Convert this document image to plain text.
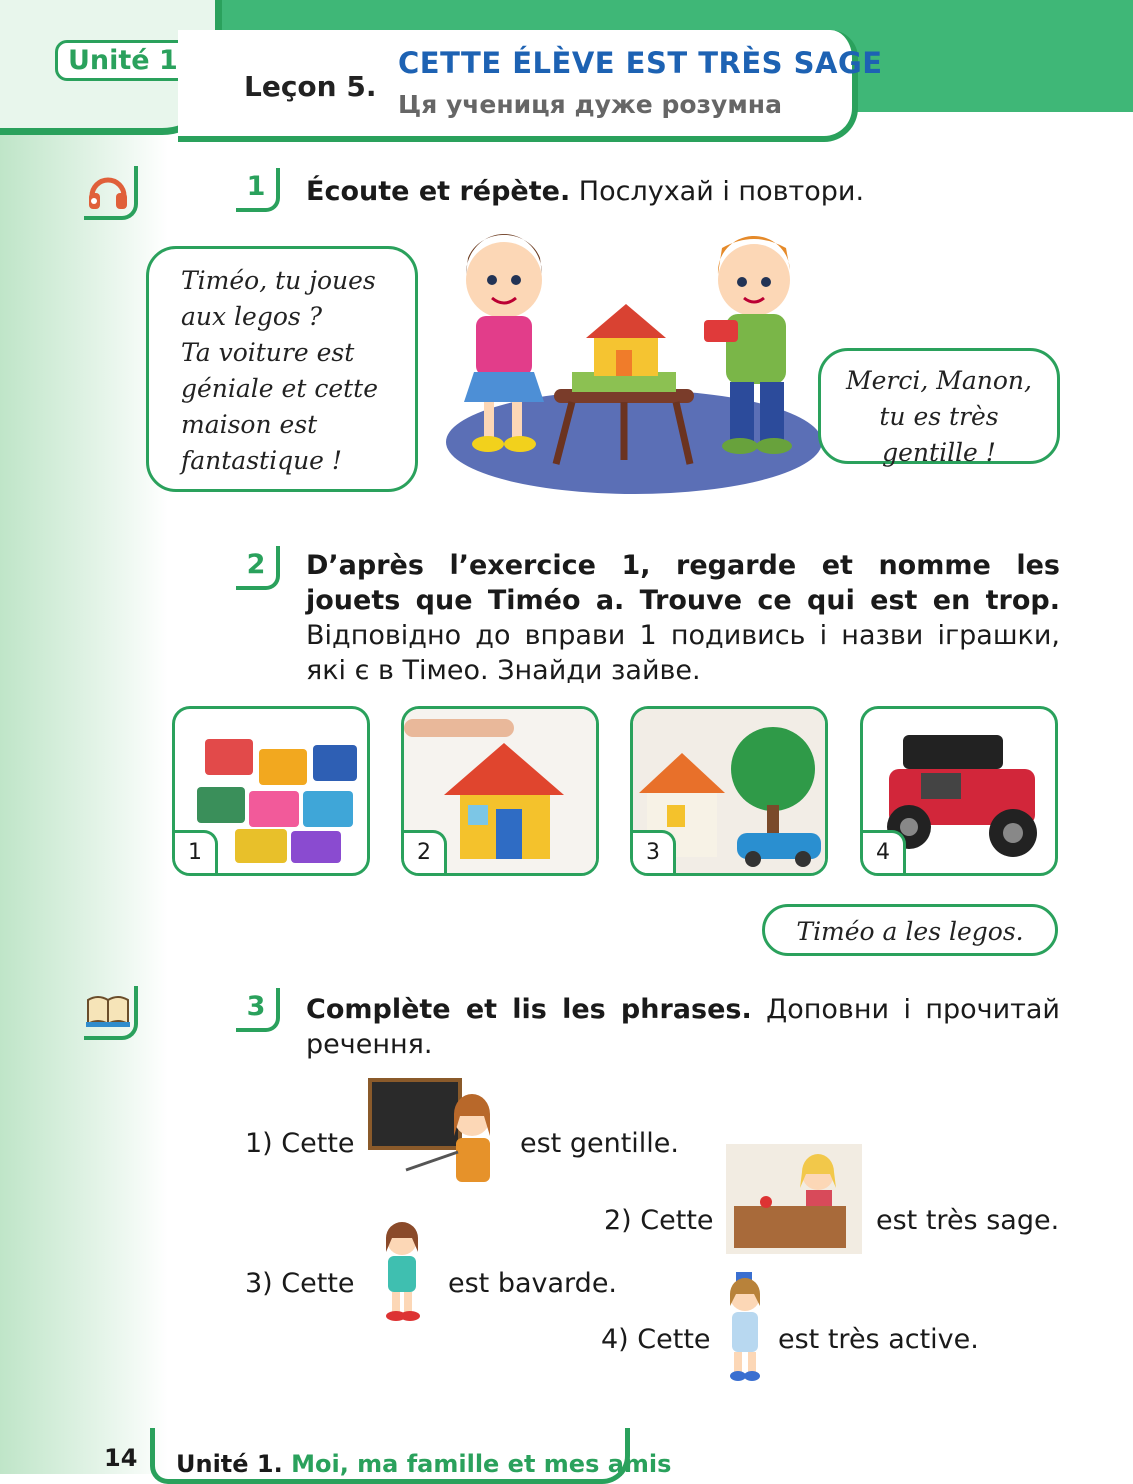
Unité 1
Leçon 5.
CETTE ÉLÈVE EST TRÈS SAGE
Ця учениця дуже розумна
1	Écoute et répète. Послухай і повтори.
Timéo, tu joues
aux legos ?
Ta voiture est
géniale et cette
maison est
fantastique !
Merci, Manon,
tu es très
gentille !
2	D’après l’exercice 1, regarde et nomme les jouets que Timéo a. Trouve ce qui est en trop. Відповідно до вправи 1 подивись і назви іграшки, які є в Тімео. Знайди зайве.
1	2	3	4
Timéo a les legos.
3	Complète et lis les phrases. Доповни і прочитай речення.
1) Cette	est gentille.
2) Cette	est très sage.
3) Cette	est bavarde.
4) Cette est très active.
14 Unité 1. Moi, ma famille et mes amis
